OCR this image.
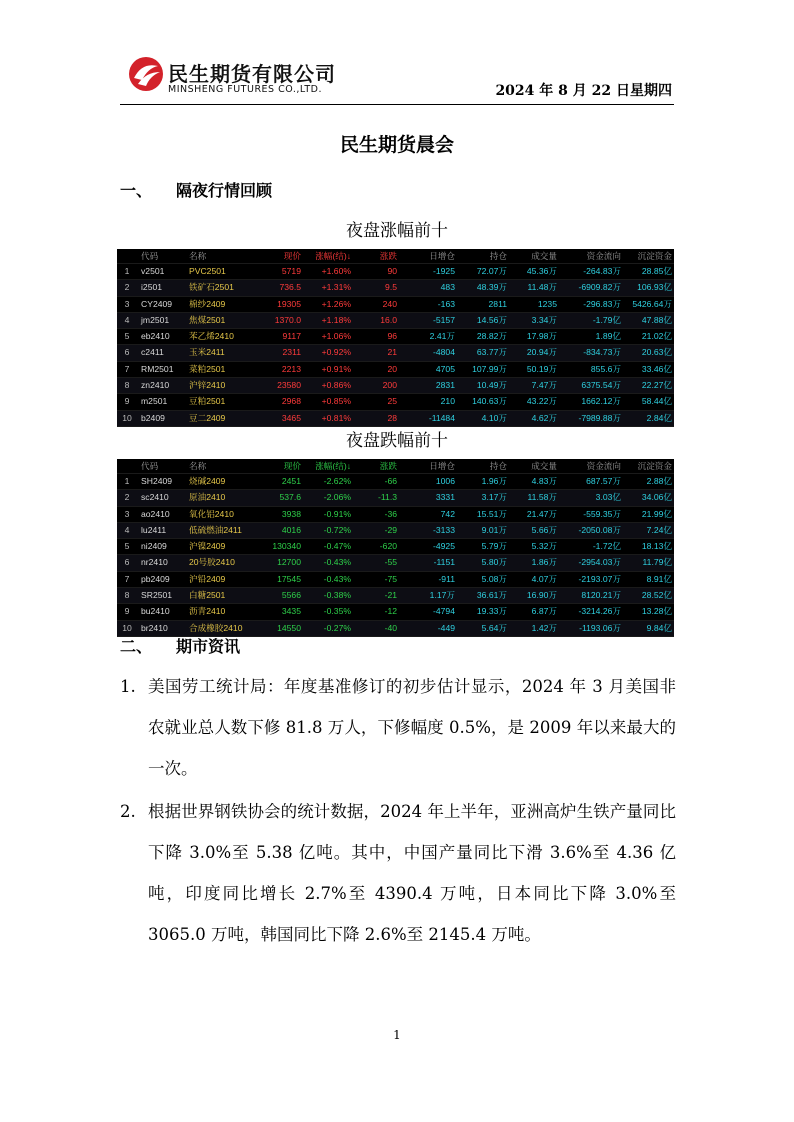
民生期货有限公司
MINSHENG FUTURES CO.,LTD.	2024 年 8 月 22 日星期四
民生期货晨会
一、 隔夜行情回顾
夜盘涨幅前十
代码	名称	现价	涨幅(结)↓	涨跌	日增仓	持仓	成交量	资金流向	沉淀资金
1	v2501	PVC2501	5719	+1.60%	90	-1925	72.07万	45.36万	-264.83万	28.85亿
2	i2501	铁矿石2501	736.5	+1.31%	9.5	483	48.39万	11.48万	-6909.82万	106.93亿
3	CY2409	棉纱2409	19305	+1.26%	240	-163	2811	1235	-296.83万	5426.64万
4	jm2501	焦煤2501	1370.0	+1.18%	16.0	-5157	14.56万	3.34万	-1.79亿	47.88亿
5	eb2410	苯乙烯2410	9117	+1.06%	96	2.41万	28.82万	17.98万	1.89亿	21.02亿
6	c2411	玉米2411	2311	+0.92%	21	-4804	63.77万	20.94万	-834.73万	20.63亿
7	RM2501	菜粕2501	2213	+0.91%	20	4705	107.99万	50.19万	855.6万	33.46亿
8	zn2410	沪锌2410	23580	+0.86%	200	2831	10.49万	7.47万	6375.54万	22.27亿
9	m2501	豆粕2501	2968	+0.85%	25	210	140.63万	43.22万	1662.12万	58.44亿
10	b2409	豆二2409	3465	+0.81%	28	-11484	4.10万	4.62万	-7989.88万	2.84亿
夜盘跌幅前十
代码	名称	现价	涨幅(结)↓	涨跌	日增仓	持仓	成交量	资金流向	沉淀资金
1	SH2409	烧碱2409	2451	-2.62%	-66	1006	1.96万	4.83万	687.57万	2.88亿
2	sc2410	原油2410	537.6	-2.06%	-11.3	3331	3.17万	11.58万	3.03亿	34.06亿
3	ao2410	氧化铝2410	3938	-0.91%	-36	742	15.51万	21.47万	-559.35万	21.99亿
4	lu2411	低硫燃油2411	4016	-0.72%	-29	-3133	9.01万	5.66万	-2050.08万	7.24亿
5	ni2409	沪镍2409	130340	-0.47%	-620	-4925	5.79万	5.32万	-1.72亿	18.13亿
6	nr2410	20号胶2410	12700	-0.43%	-55	-1151	5.80万	1.86万	-2954.03万	11.79亿
7	pb2409	沪铅2409	17545	-0.43%	-75	-911	5.08万	4.07万	-2193.07万	8.91亿
8	SR2501	白糖2501	5566	-0.38%	-21	1.17万	36.61万	16.90万	8120.21万	28.52亿
9	bu2410	沥青2410	3435	-0.35%	-12	-4794	19.33万	6.87万	-3214.26万	13.28亿
10	br2410	合成橡胶2410	14550	-0.27%	-40	-449	5.64万	1.42万	-1193.06万	9.84亿
二、 期市资讯
1. 美国劳工统计局：年度基准修订的初步估计显示，2024 年 3 月美国非农就业总人数下修 81.8 万人，下修幅度 0.5%，是 2009 年以来最大的一次。
2. 根据世界钢铁协会的统计数据，2024 年上半年，亚洲高炉生铁产量同比下降 3.0%至 5.38 亿吨。其中，中国产量同比下滑 3.6%至 4.36 亿吨，印度同比增长 2.7%至 4390.4 万吨，日本同比下降 3.0%至 3065.0 万吨，韩国同比下降 2.6%至 2145.4 万吨。
1
